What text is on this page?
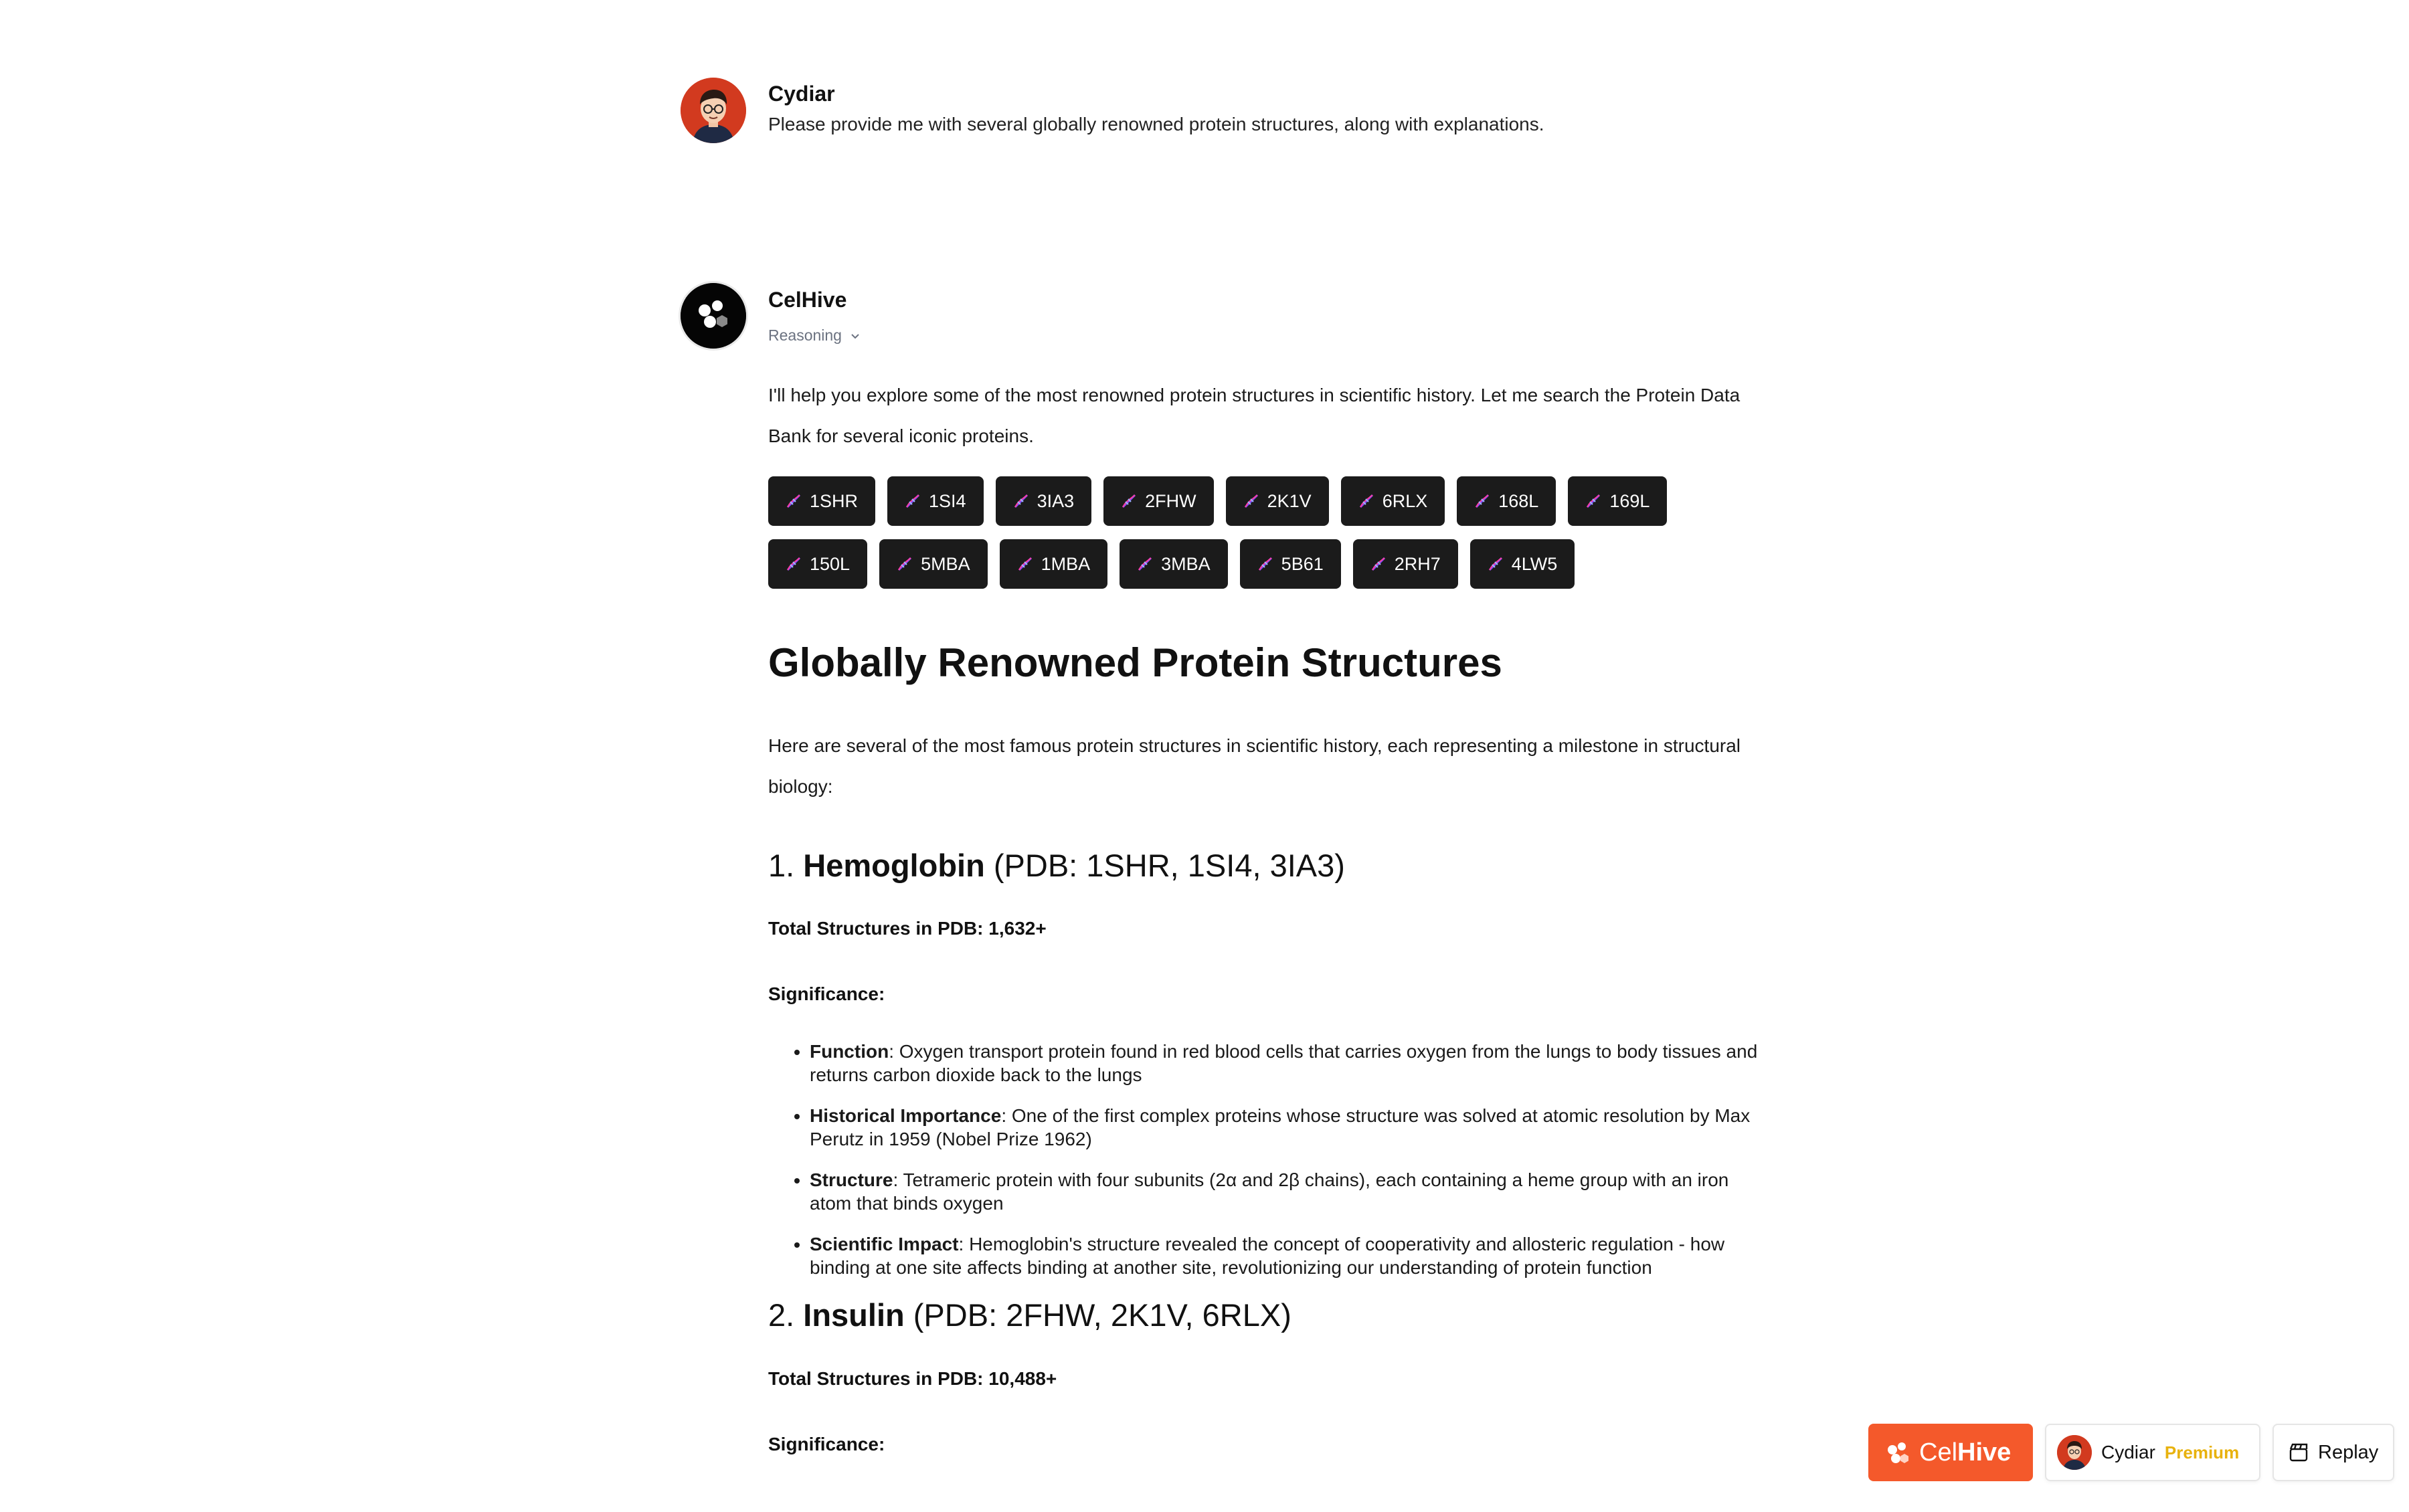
Cydiar
Please provide me with several globally renowned protein structures, along with explanations.
CelHive
Reasoning

I'll help you explore some of the most renowned protein structures in scientific history. Let me search the Protein Data Bank for several iconic proteins.

1SHR	1SI4	3IA3	2FHW	2K1V	6RLX	168L	169L
150L	5MBA	1MBA	3MBA	5B61	2RH7	4LW5
Globally Renowned Protein Structures

Here are several of the most famous protein structures in scientific history, each representing a milestone in structural biology:

1. Hemoglobin (PDB: 1SHR, 1SI4, 3IA3)

Total Structures in PDB: 1,632+

Significance:

• Function: Oxygen transport protein found in red blood cells that carries oxygen from the lungs to body tissues and returns carbon dioxide back to the lungs
• Historical Importance: One of the first complex proteins whose structure was solved at atomic resolution by Max Perutz in 1959 (Nobel Prize 1962)
• Structure: Tetrameric protein with four subunits (2α and 2β chains), each containing a heme group with an iron atom that binds oxygen
• Scientific Impact: Hemoglobin's structure revealed the concept of cooperativity and allosteric regulation - how binding at one site affects binding at another site, revolutionizing our understanding of protein function
2. Insulin (PDB: 2FHW, 2K1V, 6RLX)

Total Structures in PDB: 10,488+

Significance:	CelHive	Cydiar Premium	Replay
